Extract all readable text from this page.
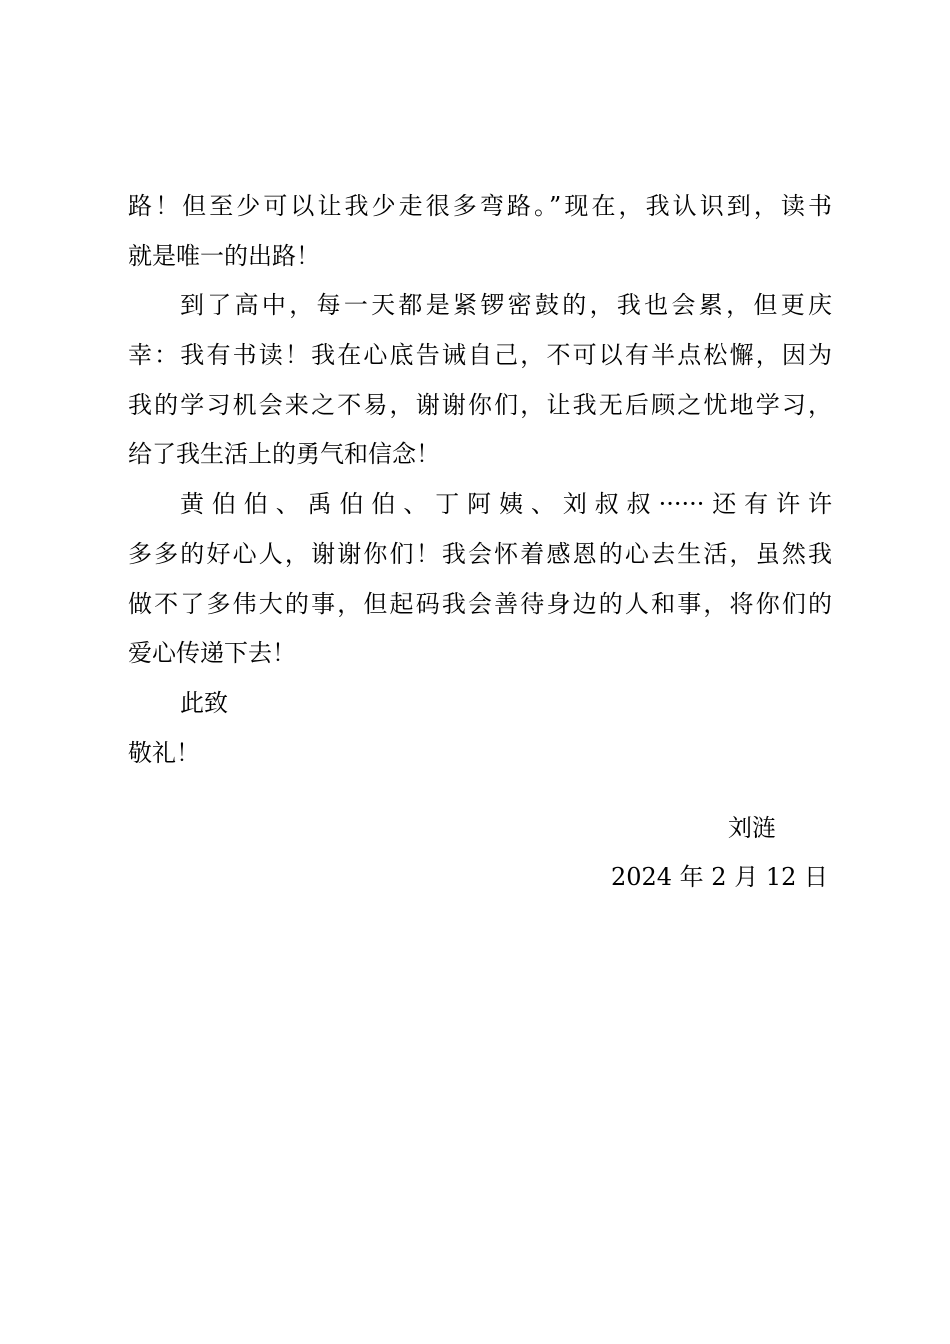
路！但至少可以让我少走很多弯路。”现在，我认识到，读书
就是唯一的出路！
到了高中，每一天都是紧锣密鼓的，我也会累，但更庆
幸：我有书读！我在心底告诫自己，不可以有半点松懈，因为
我的学习机会来之不易，谢谢你们，让我无后顾之忧地学习，
给了我生活上的勇气和信念！
黄伯伯、禹伯伯、丁阿姨、刘叔叔······还有许许
多多的好心人，谢谢你们！我会怀着感恩的心去生活，虽然我
做不了多伟大的事，但起码我会善待身边的人和事，将你们的
爱心传递下去！
此致
敬礼！
刘涟
2024 年 2 月 12 日
